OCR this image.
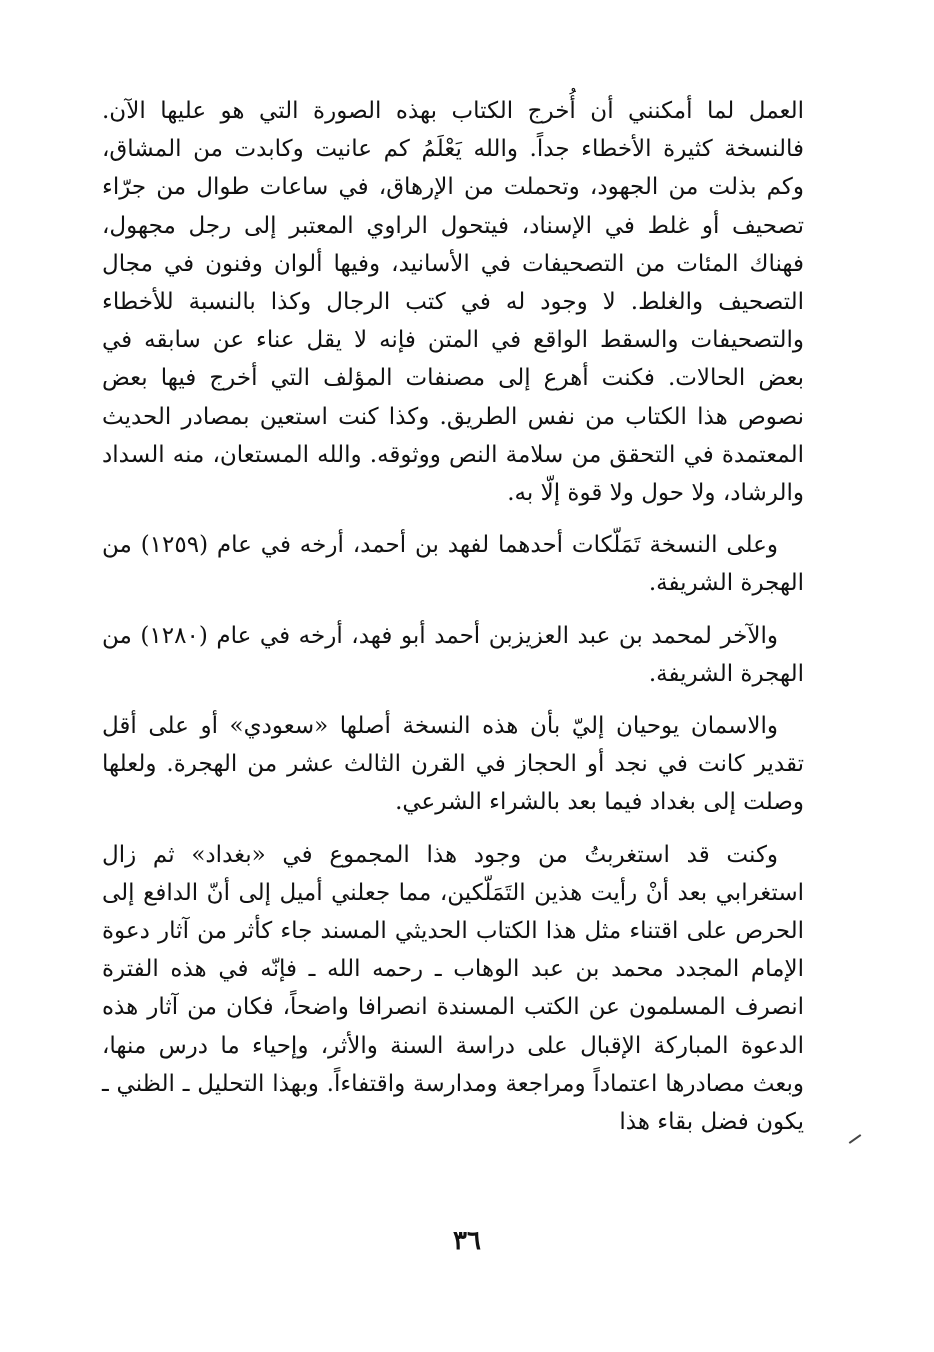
العمل لما أمكنني أن أُخرج الكتاب بهذه الصورة التي هو عليها الآن. فالنسخة كثيرة الأخطاء جداً. والله يَعْلَمُ كم عانيت وكابدت من المشاق، وكم بذلت من الجهود، وتحملت من الإرهاق، في ساعات طوال من جرّاء تصحيف أو غلط في الإسناد، فيتحول الراوي المعتبر إلى رجل مجهول، فهناك المئات من التصحيفات في الأسانيد، وفيها ألوان وفنون في مجال التصحيف والغلط. لا وجود له في كتب الرجال وكذا بالنسبة للأخطاء والتصحيفات والسقط الواقع في المتن فإنه لا يقل عناء عن سابقه في بعض الحالات. فكنت أهرع إلى مصنفات المؤلف التي أخرج فيها بعض نصوص هذا الكتاب من نفس الطريق. وكذا كنت استعين بمصادر الحديث المعتمدة في التحقق من سلامة النص ووثوقه. والله المستعان، منه السداد والرشاد، ولا حول ولا قوة إلّا به.

وعلى النسخة تَمَلّكات أحدهما لفهد بن أحمد، أرخه في عام (١٢٥٩) من الهجرة الشريفة.

والآخر لمحمد بن عبد العزيزبن أحمد أبو فهد، أرخه في عام (١٢٨٠) من الهجرة الشريفة.

والاسمان يوحيان إليّ بأن هذه النسخة أصلها «سعودي» أو على أقل تقدير كانت في نجد أو الحجاز في القرن الثالث عشر من الهجرة. ولعلها وصلت إلى بغداد فيما بعد بالشراء الشرعي.

وكنت قد استغربتُ من وجود هذا المجموع في «بغداد» ثم زال استغرابي بعد أنْ رأيت هذين التَمَلّكين، مما جعلني أميل إلى أنّ الدافع إلى الحرص على اقتناء مثل هذا الكتاب الحديثي المسند جاء كأثر من آثار دعوة الإمام المجدد محمد بن عبد الوهاب ـ رحمه الله ـ فإنّه في هذه الفترة انصرف المسلمون عن الكتب المسندة انصرافا واضحاً، فكان من آثار هذه الدعوة المباركة الإقبال على دراسة السنة والأثر، وإحياء ما درس منها، وبعث مصادرها اعتماداً ومراجعة ومدارسة واقتفاءاً. وبهذا التحليل ـ الظني ـ يكون فضل بقاء هذا

٣٦
